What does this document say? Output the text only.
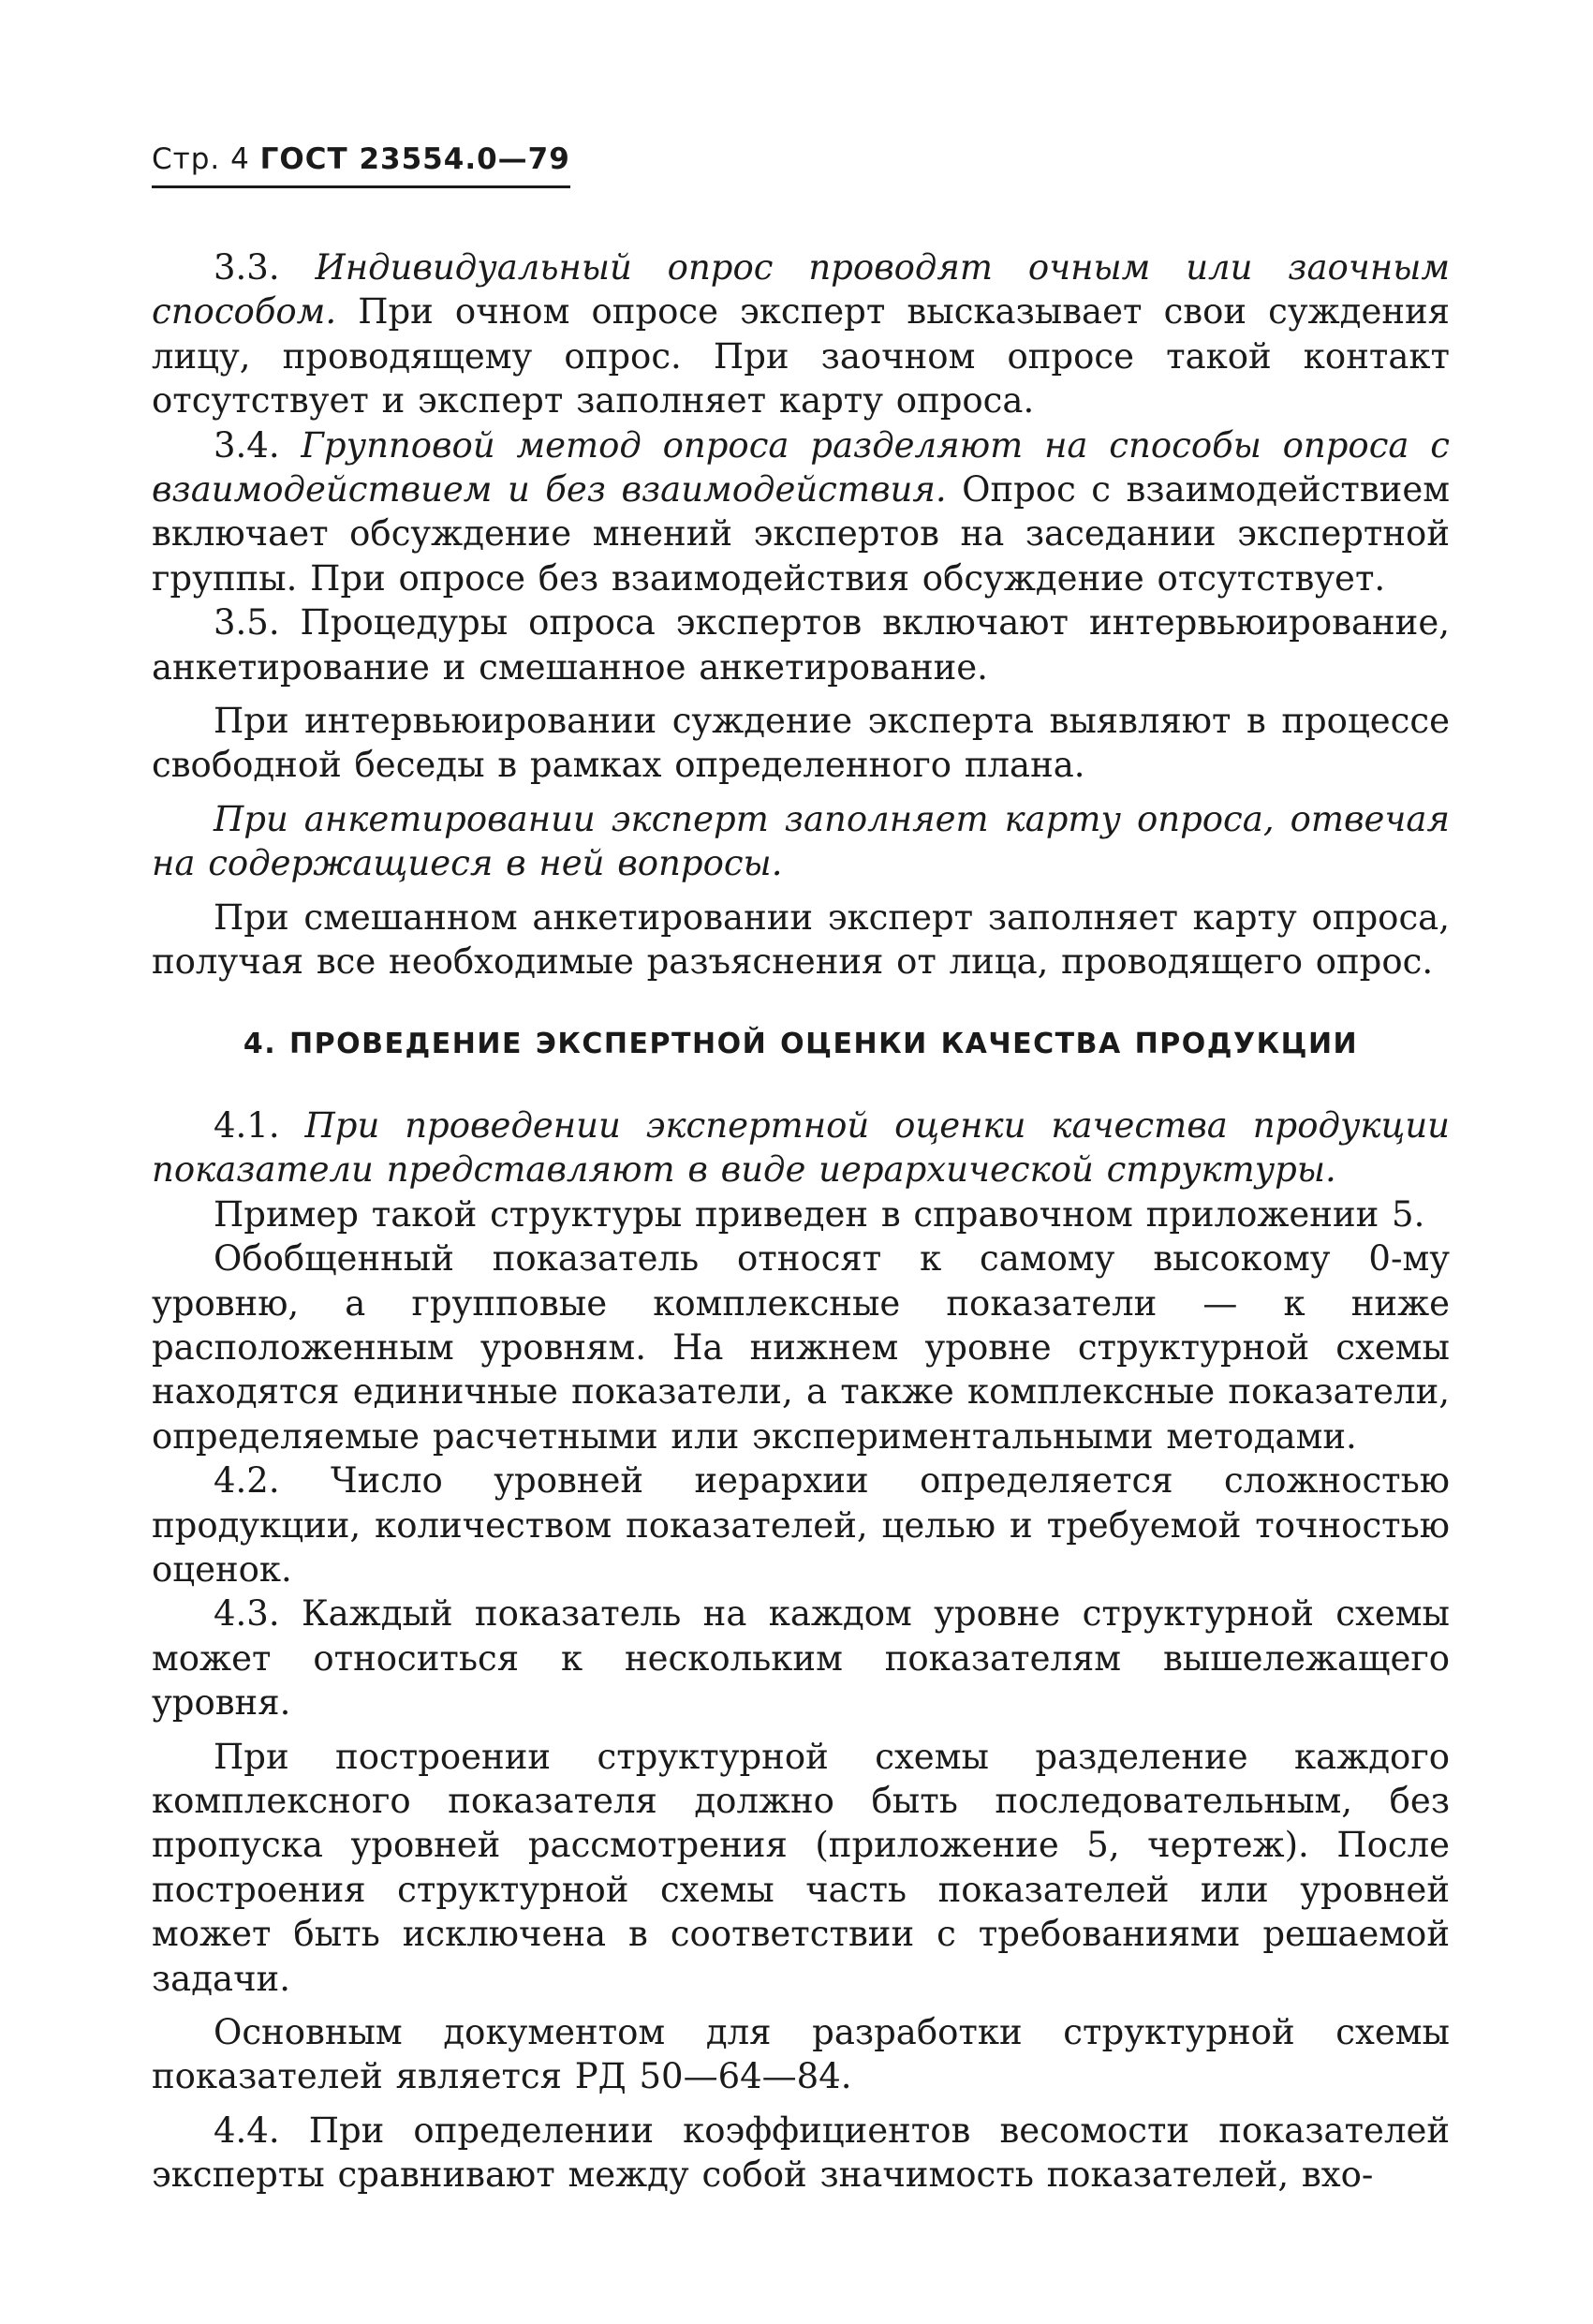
Стр. 4 ГОСТ 23554.0—79

3.3. Индивидуальный опрос проводят очным или заочным способом. При очном опросе эксперт высказывает свои суждения лицу, проводящему опрос. При заочном опросе такой контакт отсутствует и эксперт заполняет карту опроса.

3.4. Групповой метод опроса разделяют на способы опроса с взаимодействием и без взаимодействия. Опрос с взаимодействием включает обсуждение мнений экспертов на заседании экспертной группы. При опросе без взаимодействия обсуждение отсутствует.

3.5. Процедуры опроса экспертов включают интервьюирование, анкетирование и смешанное анкетирование.

При интервьюировании суждение эксперта выявляют в процессе свободной беседы в рамках определенного плана.

При анкетировании эксперт заполняет карту опроса, отвечая на содержащиеся в ней вопросы.

При смешанном анкетировании эксперт заполняет карту опроса, получая все необходимые разъяснения от лица, проводящего опрос.

4. ПРОВЕДЕНИЕ ЭКСПЕРТНОЙ ОЦЕНКИ КАЧЕСТВА ПРОДУКЦИИ

4.1. При проведении экспертной оценки качества продукции показатели представляют в виде иерархической структуры.

Пример такой структуры приведен в справочном приложении 5.

Обобщенный показатель относят к самому высокому 0-му уровню, а групповые комплексные показатели — к ниже расположенным уровням. На нижнем уровне структурной схемы находятся единичные показатели, а также комплексные показатели, определяемые расчетными или экспериментальными методами.

4.2. Число уровней иерархии определяется сложностью продукции, количеством показателей, целью и требуемой точностью оценок.

4.3. Каждый показатель на каждом уровне структурной схемы может относиться к нескольким показателям вышележащего уровня.

При построении структурной схемы разделение каждого комплексного показателя должно быть последовательным, без пропуска уровней рассмотрения (приложение 5, чертеж). После построения структурной схемы часть показателей или уровней может быть исключена в соответствии с требованиями решаемой задачи.

Основным документом для разработки структурной схемы показателей является РД 50—64—84.

4.4. При определении коэффициентов весомости показателей эксперты сравнивают между собой значимость показателей, вхо-
